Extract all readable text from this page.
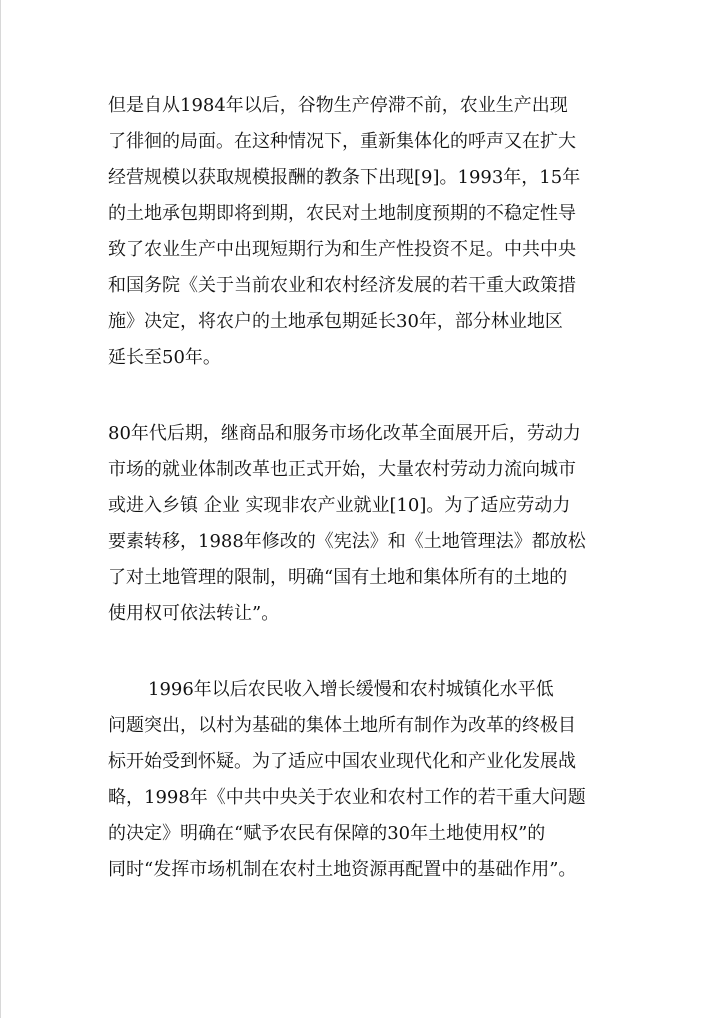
但是自从1984年以后，谷物生产停滞不前，农业生产出现
了徘徊的局面。在这种情况下，重新集体化的呼声又在扩大
经营规模以获取规模报酬的教条下出现[9]。1993年，15年
的土地承包期即将到期，农民对土地制度预期的不稳定性导
致了农业生产中出现短期行为和生产性投资不足。中共中央
和国务院《关于当前农业和农村经济发展的若干重大政策措
施》决定，将农户的土地承包期延长30年，部分林业地区
延长至50年。
80年代后期，继商品和服务市场化改革全面展开后，劳动力
市场的就业体制改革也正式开始，大量农村劳动力流向城市
或进入乡镇 企业 实现非农产业就业[10]。为了适应劳动力
要素转移，1988年修改的《宪法》和《土地管理法》都放松
了对土地管理的限制，明确“国有土地和集体所有的土地的
使用权可依法转让”。
1996年以后农民收入增长缓慢和农村城镇化水平低
问题突出，以村为基础的集体土地所有制作为改革的终极目
标开始受到怀疑。为了适应中国农业现代化和产业化发展战
略，1998年《中共中央关于农业和农村工作的若干重大问题
的决定》明确在“赋予农民有保障的30年土地使用权”的
同时“发挥市场机制在农村土地资源再配置中的基础作用”。
